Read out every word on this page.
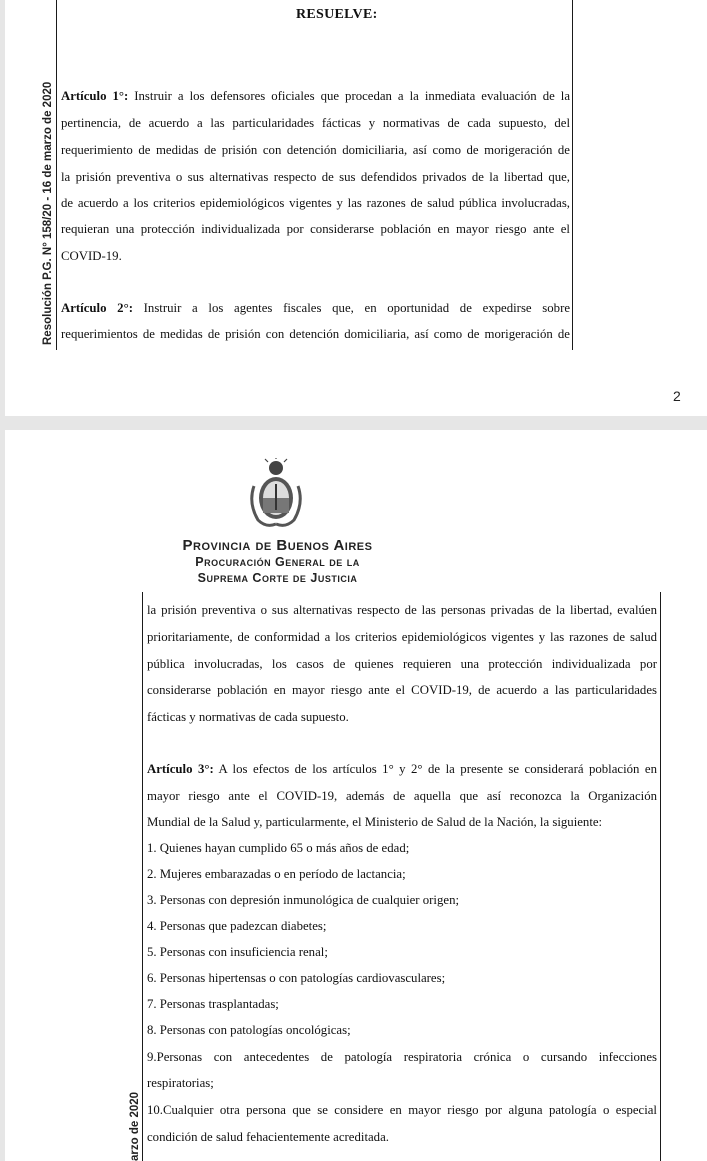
RESUELVE:
Resolución P.G. N° 158/20 - 16 de marzo de 2020 Artículo 1°: Instruir a los defensores oficiales que procedan a la inmediata evaluación de la
pertinencia, de acuerdo a las particularidades fácticas y normativas de cada supuesto, del
requerimiento de medidas de prisión con detención domiciliaria, así como de morigeración de
la prisión preventiva o sus alternativas respecto de sus defendidos privados de la libertad que,
de acuerdo a los criterios epidemiológicos vigentes y las razones de salud pública involucradas,
requieran una protección individualizada por considerarse población en mayor riesgo ante el
COVID-19.
Artículo 2°: Instruir a los agentes fiscales que, en oportunidad de expedirse sobre
requerimientos de medidas de prisión con detención domiciliaria, así como de morigeración de
2
Provincia de Buenos Aires
Procuración General de la
Suprema Corte de Justicia
arzo de 2020
la prisión preventiva o sus alternativas respecto de las personas privadas de la libertad, evalúen
prioritariamente, de conformidad a los criterios epidemiológicos vigentes y las razones de salud
pública involucradas, los casos de quienes requieren una protección individualizada por
considerarse población en mayor riesgo ante el COVID-19, de acuerdo a las particularidades
fácticas y normativas de cada supuesto.
Artículo 3°: A los efectos de los artículos 1° y 2° de la presente se considerará población en
mayor riesgo ante el COVID-19, además de aquella que así reconozca la Organización
Mundial de la Salud y, particularmente, el Ministerio de Salud de la Nación, la siguiente:
1. Quienes hayan cumplido 65 o más años de edad;
2. Mujeres embarazadas o en período de lactancia;
3. Personas con depresión inmunológica de cualquier origen;
4. Personas que padezcan diabetes;
5. Personas con insuficiencia renal;
6. Personas hipertensas o con patologías cardiovasculares;
7. Personas trasplantadas;
8. Personas con patologías oncológicas;
9.Personas con antecedentes de patología respiratoria crónica o cursando infecciones
respiratorias;
10.Cualquier otra persona que se considere en mayor riesgo por alguna patología o especial
condición de salud fehacientemente acreditada.
